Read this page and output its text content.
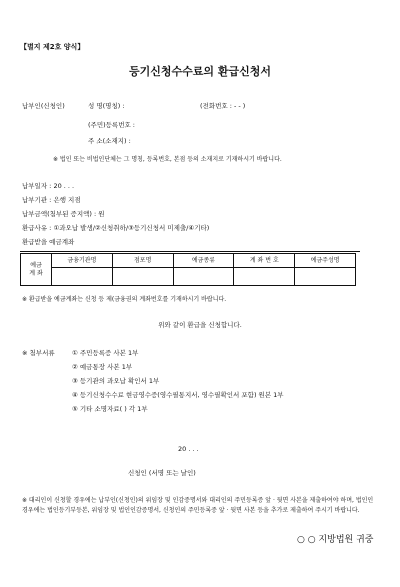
【별지 제2호 양식】
등기신청수수료의 환급신청서
납부인(신청인)	성 명(명칭) :	(전화번호 : - - )
(주민)등록번호 :
주 소(소재지) :
※ 법인 또는 비법인단체는 그 명칭, 등록번호, 본점 등의 소재지로 기재하시기 바랍니다.
납부일자 : 20 . . .
납부기관 : 은행 지점
납부금액(첨부된 증지액) : 원
환급사유 : ①과오납 발생/②신청취하/③등기신청서 미제출/④기타)
환급받을 예금계좌
예금
계 좌	금융기관명	점포명	예금종류	계 좌 번 호	예금주성명

※ 환급받을 예금계좌는 신청 등 제(금융권의 계좌번호를 기재하시기 바랍니다.
위와 같이 환급을 신청합니다.
※ 첨부서류	① 주민등록증 사본 1부
② 예금통장 사본 1부
③ 등기관의 과오납 확인서 1부
④ 등기신청수수료 현금영수증(영수필통지서, 영수필확인서 포함) 원본 1부
⑤ 기타 소명자료( ) 각 1부
20 . . .
신청인 (서명 또는 날인)
※ 대리인이 신청할 경우에는 납부인(신청인)의 위임장 및 인감증명서와 대리인의 주민등록증 앞 · 뒷면 사본을 제출하여야 하며, 법인인 경우에는 법인등기부등본, 위임장 및 법인인감증명서, 신청인의 주민등록증 앞 · 뒷면 사본 등을 추가로 제출하여 주시기 바랍니다.
○ ○ 지방법원 귀중
